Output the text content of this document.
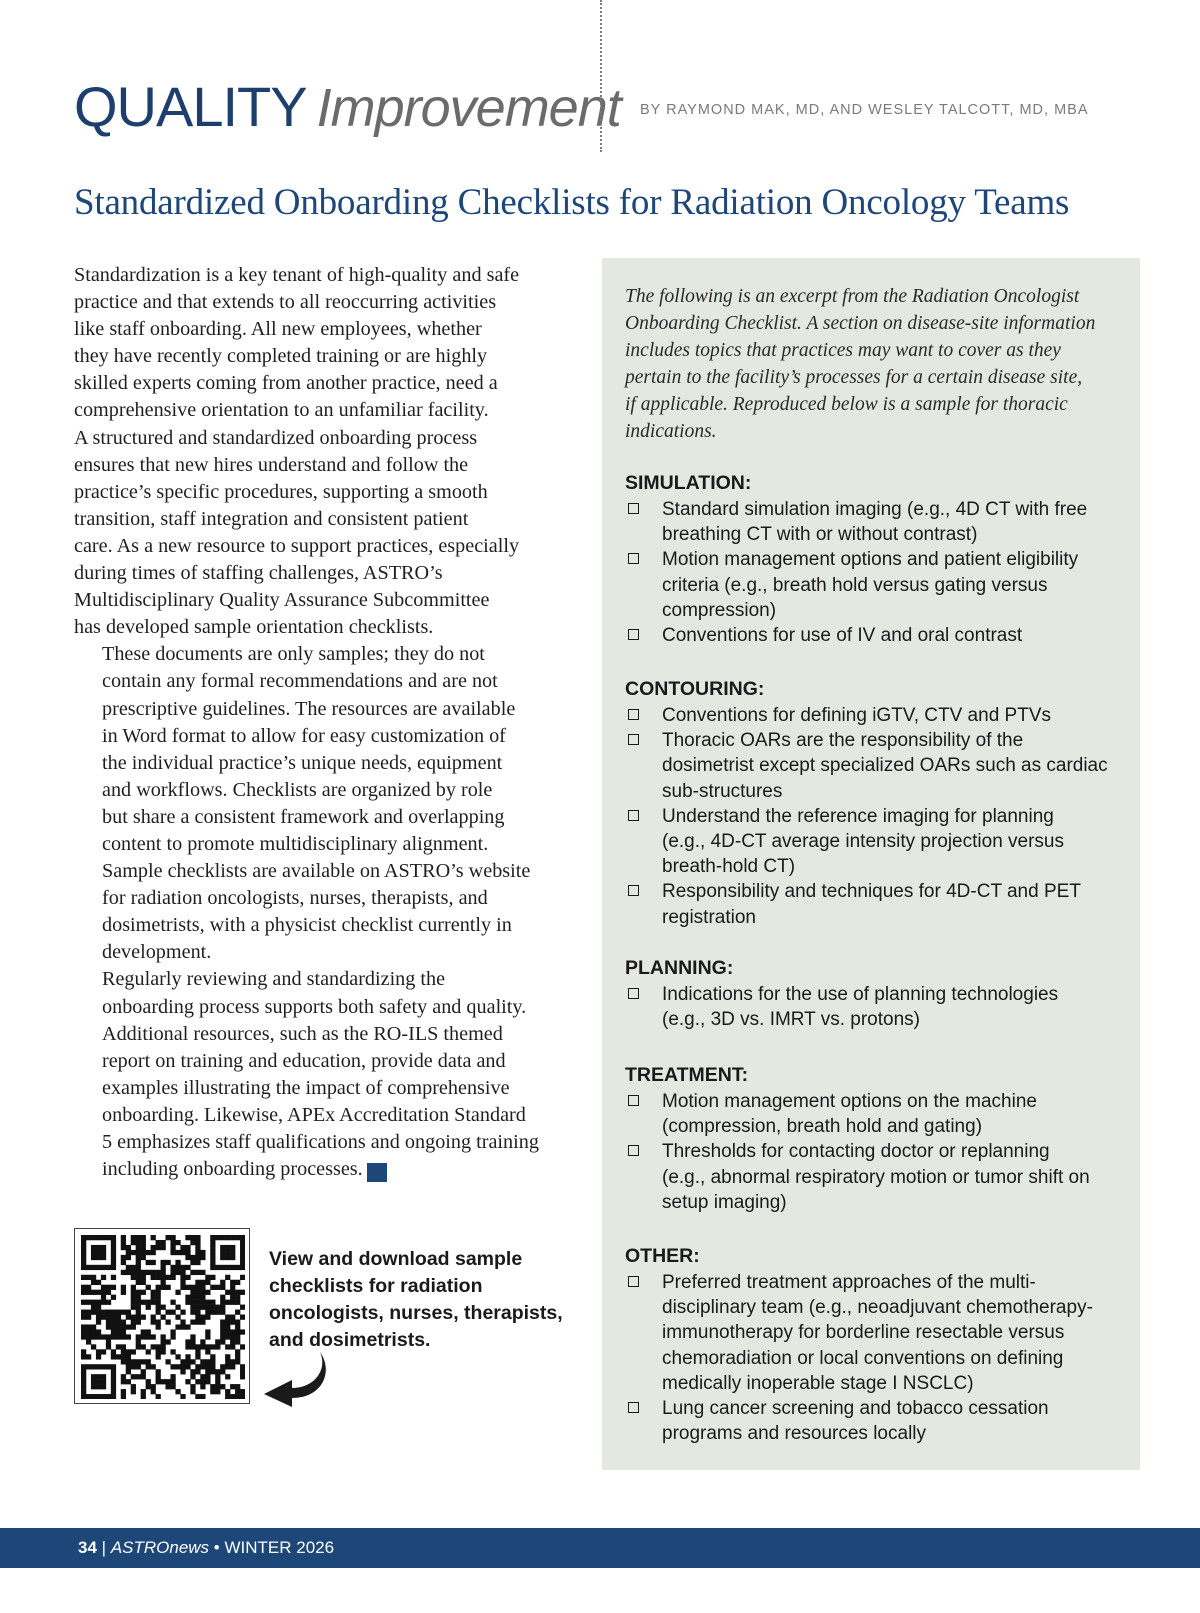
QUALITY Improvement BY RAYMOND MAK, MD, AND WESLEY TALCOTT, MD, MBA
Standardized Onboarding Checklists for Radiation Oncology Teams

Standardization is a key tenant of high-quality and safe
practice and that extends to all reoccurring activities
like staff onboarding. All new employees, whether
they have recently completed training or are highly
skilled experts coming from another practice, need a
comprehensive orientation to an unfamiliar facility.
A structured and standardized onboarding process
ensures that new hires understand and follow the
practice’s specific procedures, supporting a smooth
transition, staff integration and consistent patient
care. As a new resource to support practices, especially
during times of staffing challenges, ASTRO’s
Multidisciplinary Quality Assurance Subcommittee
has developed sample orientation checklists.

These documents are only samples; they do not
contain any formal recommendations and are not
prescriptive guidelines. The resources are available
in Word format to allow for easy customization of
the individual practice’s unique needs, equipment
and workflows. Checklists are organized by role
but share a consistent framework and overlapping
content to promote multidisciplinary alignment.
Sample checklists are available on ASTRO’s website
for radiation oncologists, nurses, therapists, and
dosimetrists, with a physicist checklist currently in
development.

Regularly reviewing and standardizing the
onboarding process supports both safety and quality.
Additional resources, such as the RO-ILS themed
report on training and education, provide data and
examples illustrating the impact of comprehensive
onboarding. Likewise, APEx Accreditation Standard
5 emphasizes staff qualifications and ongoing training
including onboarding processes. A

View and download sample
checklists for radiation
oncologists, nurses, therapists,
and dosimetrists.
The following is an excerpt from the Radiation Oncologist
Onboarding Checklist. A section on disease-site information
includes topics that practices may want to cover as they
pertain to the facility’s processes for a certain disease site,
if applicable. Reproduced below is a sample for thoracic
indications.
SIMULATION:
Standard simulation imaging (e.g., 4D CT with free
breathing CT with or without contrast)
Motion management options and patient eligibility
criteria (e.g., breath hold versus gating versus
compression)
Conventions for use of IV and oral contrast
CONTOURING:
Conventions for defining iGTV, CTV and PTVs
Thoracic OARs are the responsibility of the
dosimetrist except specialized OARs such as cardiac
sub-structures
Understand the reference imaging for planning
(e.g., 4D-CT average intensity projection versus
breath-hold CT)
Responsibility and techniques for 4D-CT and PET
registration
PLANNING:
Indications for the use of planning technologies
(e.g., 3D vs. IMRT vs. protons)
TREATMENT:
Motion management options on the machine
(compression, breath hold and gating)
Thresholds for contacting doctor or replanning
(e.g., abnormal respiratory motion or tumor shift on
setup imaging)
OTHER:
Preferred treatment approaches of the multi-
disciplinary team (e.g., neoadjuvant chemotherapy-
immunotherapy for borderline resectable versus
chemoradiation or local conventions on defining
medically inoperable stage I NSCLC)
Lung cancer screening and tobacco cessation
programs and resources locally
34 | ASTROnews • WINTER 2026
